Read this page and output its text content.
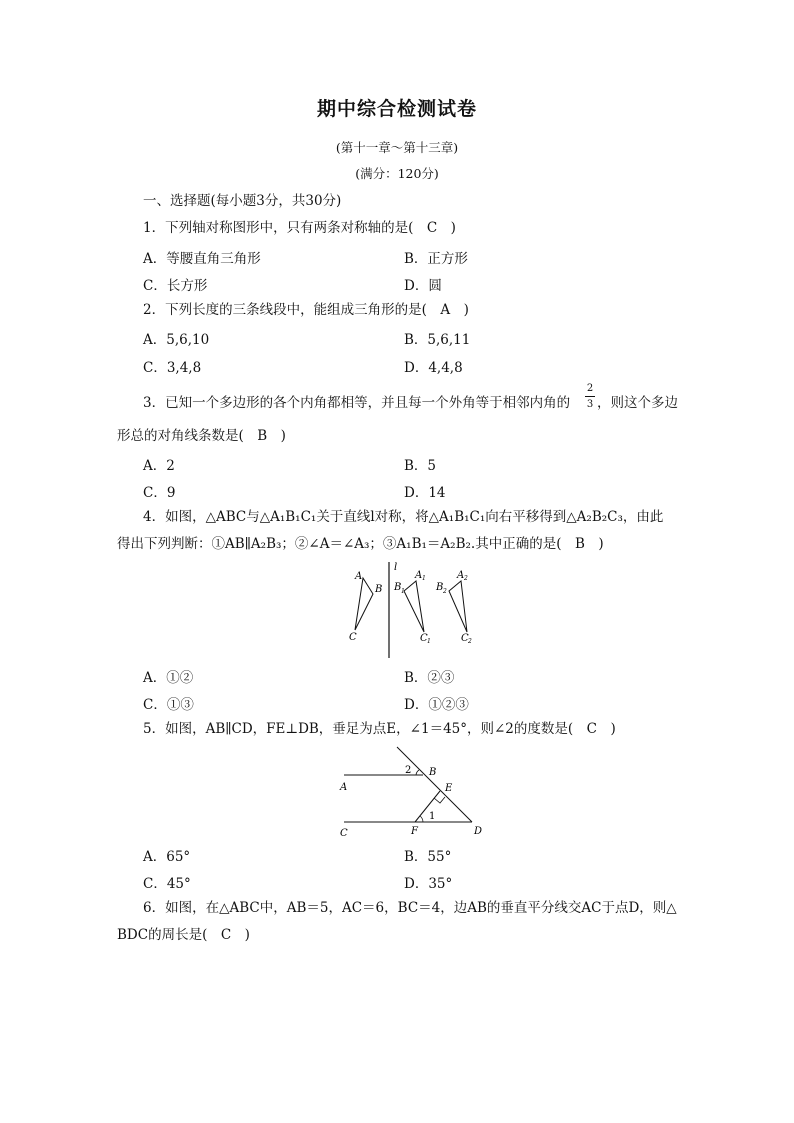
期中综合检测试卷
(第十一章～第十三章)
(满分：120分)
一、选择题(每小题3分，共30分)
1．下列轴对称图形中，只有两条对称轴的是(　C　)
A．等腰直角三角形	B．正方形
C．长方形	D．圆
2．下列长度的三条线段中，能组成三角形的是(　A　)
A．5,6,10	B．5,6,11
C．3,4,8	D．4,4,8
3．已知一个多边形的各个内角都相等，并且每一个外角等于相邻内角的
2
3 ，则这个多边
形总的对角线条数是(　B　)
A．2	B．5
C．9	D．14
4．如图，△ABC与△A₁B₁C₁关于直线l对称，将△A₁B₁C₁向右平移得到△A₂B₂C₃，由此
得出下列判断：①AB∥A₂B₃；②∠A＝∠A₃；③A₁B₁＝A₂B₂.其中正确的是(　B　)
A
B
C
l
B 1
A 1
C 1
B 2
A 2
C 2
A．①②	B．②③
C．①③	D．①②③
5．如图，AB∥CD，FE⊥DB，垂足为点E，∠1＝45°，则∠2的度数是(　C　)
2 B
A	E
1
C	F	D
A．65°	B．55°
C．45°	D．35°
6．如图，在△ABC中，AB＝5，AC＝6，BC＝4，边AB的垂直平分线交AC于点D，则△
BDC的周长是(　C　)
